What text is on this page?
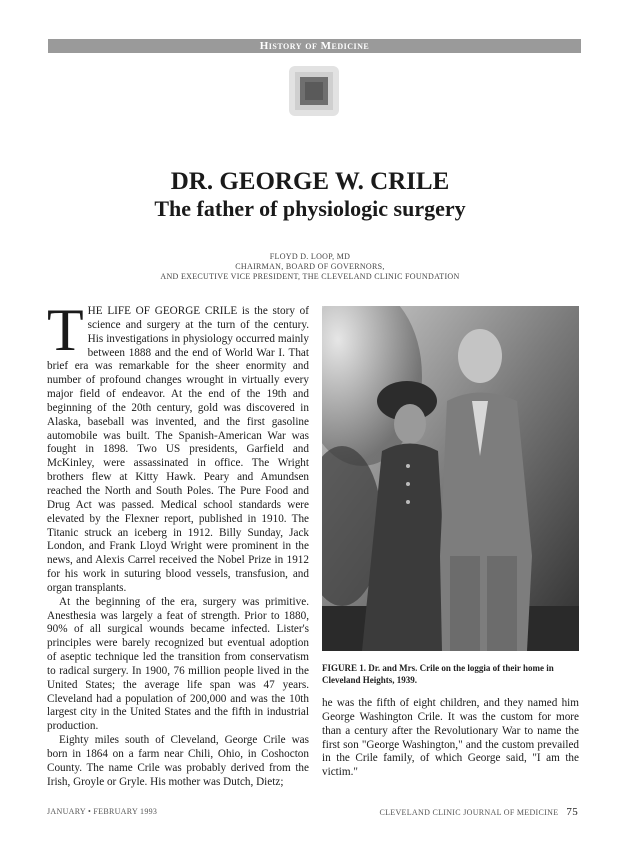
History of Medicine
DR. GEORGE W. CRILE
The father of physiologic surgery
FLOYD D. LOOP, MD
CHAIRMAN, BOARD OF GOVERNORS,
AND EXECUTIVE VICE PRESIDENT, THE CLEVELAND CLINIC FOUNDATION

THE LIFE OF GEORGE CRILE is the story of science and surgery at the turn of the century. His investigations in physiology occurred mainly between 1888 and the end of World War I. That brief era was remarkable for the sheer enormity and number of profound changes wrought in virtually every major field of endeavor. At the end of the 19th and beginning of the 20th century, gold was discovered in Alaska, baseball was invented, and the first gasoline automobile was built. The Spanish-American War was fought in 1898. Two US presidents, Garfield and McKinley, were assassinated in office. The Wright brothers flew at Kitty Hawk. Peary and Amundsen reached the North and South Poles. The Pure Food and Drug Act was passed. Medical school standards were elevated by the Flexner report, published in 1910. The Titanic struck an iceberg in 1912. Billy Sunday, Jack London, and Frank Lloyd Wright were prominent in the news, and Alexis Carrel received the Nobel Prize in 1912 for his work in suturing blood vessels, transfusion, and organ transplants.

At the beginning of the era, surgery was primitive. Anesthesia was largely a feat of strength. Prior to 1880, 90% of all surgical wounds became infected. Lister's principles were barely recognized but eventual adoption of aseptic technique led the transition from conservatism to radical surgery. In 1900, 76 million people lived in the United States; the average life span was 47 years. Cleveland had a population of 200,000 and was the 10th largest city in the United States and the fifth in industrial production.

Eighty miles south of Cleveland, George Crile was born in 1864 on a farm near Chili, Ohio, in Coshocton County. The name Crile was probably derived from the Irish, Groyle or Gryle. His mother was Dutch, Dietz;

FIGURE 1. Dr. and Mrs. Crile on the loggia of their home in Cleveland Heights, 1939.

he was the fifth of eight children, and they named him George Washington Crile. It was the custom for more than a century after the Revolutionary War to name the first son "George Washington," and the custom prevailed in the Crile family, of which George said, "I am the victim."

JANUARY • FEBRUARY 1993	CLEVELAND CLINIC JOURNAL OF MEDICINE 75
